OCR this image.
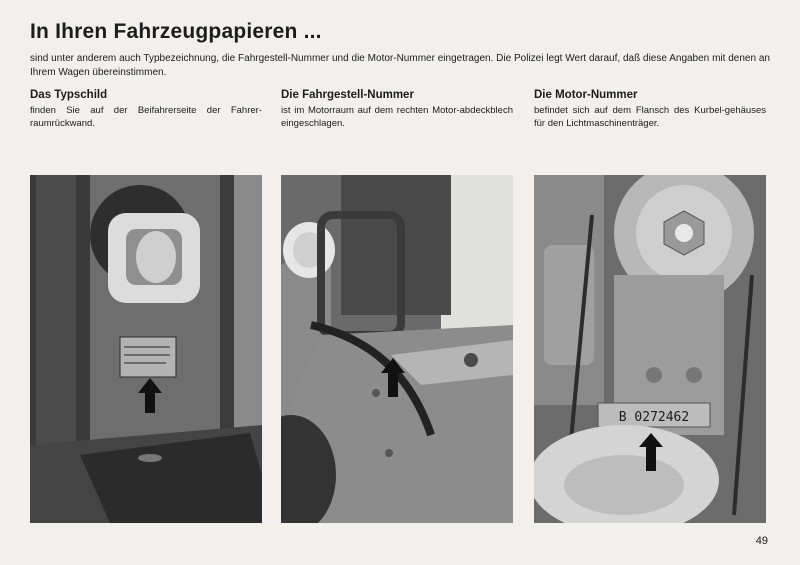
In Ihren Fahrzeugpapieren ...

sind unter anderem auch Typbezeichnung, die Fahrgestell-Nummer und die Motor-Nummer eingetragen. Die Polizei legt Wert darauf, daß diese Angaben mit denen an Ihrem Wagen übereinstimmen.

Das Typschild

finden Sie auf der Beifahrerseite der Fahrer-raumrückwand.

Die Fahrgestell-Nummer

ist im Motorraum auf dem rechten Motor-abdeckblech eingeschlagen.

Die Motor-Nummer

befindet sich auf dem Flansch des Kurbel-gehäuses für den Lichtmaschinenträger.

B 0272462
49
